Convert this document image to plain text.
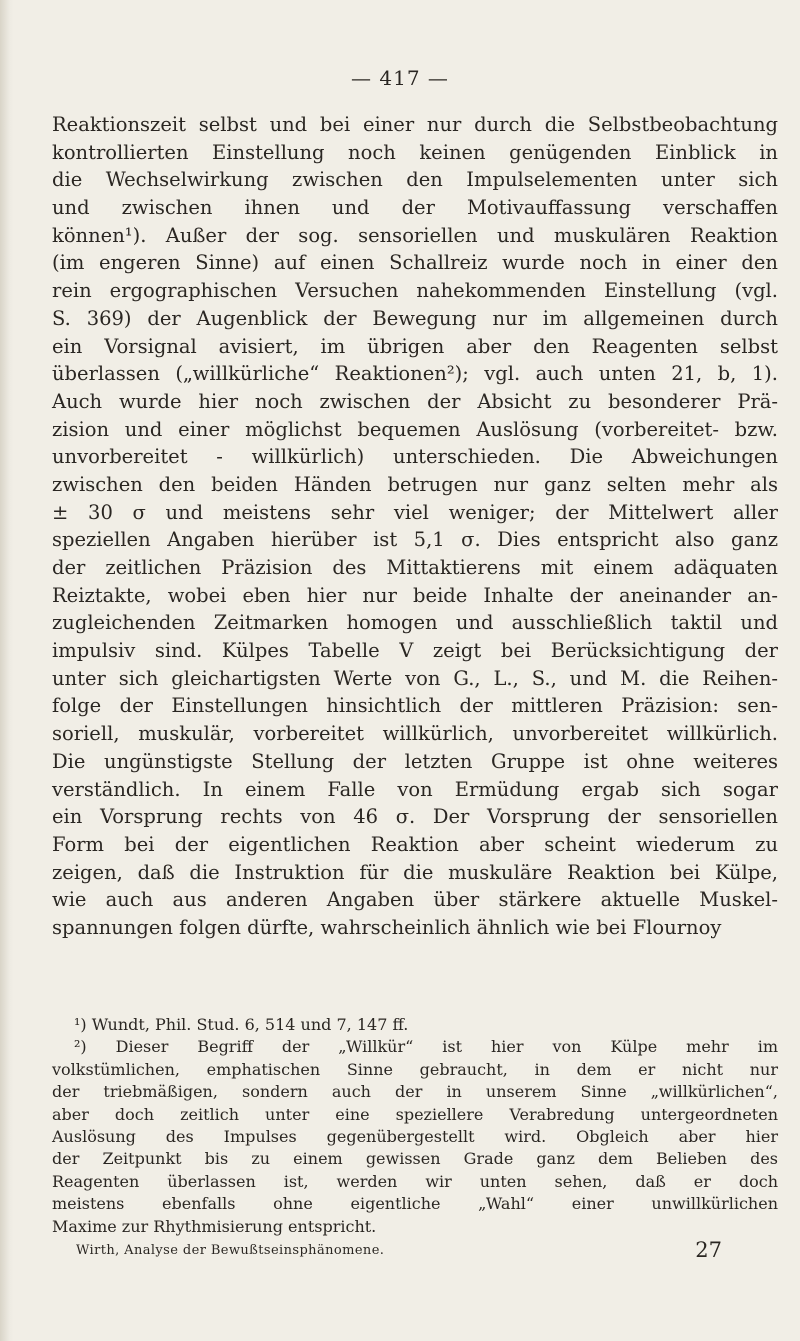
— 417 —
Reaktionszeit selbst und bei einer nur durch die Selbstbeobachtung
kontrollierten Einstellung noch keinen genügenden Einblick in
die Wechselwirkung zwischen den Impulselementen unter sich
und zwischen ihnen und der Motivauffassung verschaffen
können¹). Außer der sog. sensoriellen und muskulären Reaktion
(im engeren Sinne) auf einen Schallreiz wurde noch in einer den
rein ergographischen Versuchen nahekommenden Einstellung (vgl.
S. 369) der Augenblick der Bewegung nur im allgemeinen durch
ein Vorsignal avisiert, im übrigen aber den Reagenten selbst
überlassen („willkürliche“ Reaktionen²); vgl. auch unten 21, b, 1).
Auch wurde hier noch zwischen der Absicht zu besonderer Prä-
zision und einer möglichst bequemen Auslösung (vorbereitet- bzw.
unvorbereitet - willkürlich) unterschieden. Die Abweichungen
zwischen den beiden Händen betrugen nur ganz selten mehr als
± 30 σ und meistens sehr viel weniger; der Mittelwert aller
speziellen Angaben hierüber ist 5,1 σ. Dies entspricht also ganz
der zeitlichen Präzision des Mittaktierens mit einem adäquaten
Reiztakte, wobei eben hier nur beide Inhalte der aneinander an-
zugleichenden Zeitmarken homogen und ausschließlich taktil und
impulsiv sind. Külpes Tabelle V zeigt bei Berücksichtigung der
unter sich gleichartigsten Werte von G., L., S., und M. die Reihen-
folge der Einstellungen hinsichtlich der mittleren Präzision: sen-
soriell, muskulär, vorbereitet willkürlich, unvorbereitet willkürlich.
Die ungünstigste Stellung der letzten Gruppe ist ohne weiteres
verständlich. In einem Falle von Ermüdung ergab sich sogar
ein Vorsprung rechts von 46 σ. Der Vorsprung der sensoriellen
Form bei der eigentlichen Reaktion aber scheint wiederum zu
zeigen, daß die Instruktion für die muskuläre Reaktion bei Külpe,
wie auch aus anderen Angaben über stärkere aktuelle Muskel-
spannungen folgen dürfte, wahrscheinlich ähnlich wie bei Flournoy
¹) Wundt, Phil. Stud. 6, 514 und 7, 147 ff.
²) Dieser Begriff der „Willkür“ ist hier von Külpe mehr im
volkstümlichen, emphatischen Sinne gebraucht, in dem er nicht nur
der triebmäßigen, sondern auch der in unserem Sinne „willkürlichen“,
aber doch zeitlich unter eine speziellere Verabredung untergeordneten
Auslösung des Impulses gegenübergestellt wird. Obgleich aber hier
der Zeitpunkt bis zu einem gewissen Grade ganz dem Belieben des
Reagenten überlassen ist, werden wir unten sehen, daß er doch
meistens ebenfalls ohne eigentliche „Wahl“ einer unwillkürlichen
Maxime zur Rhythmisierung entspricht.
Wirth, Analyse der Bewußtseinsphänomene.	27
